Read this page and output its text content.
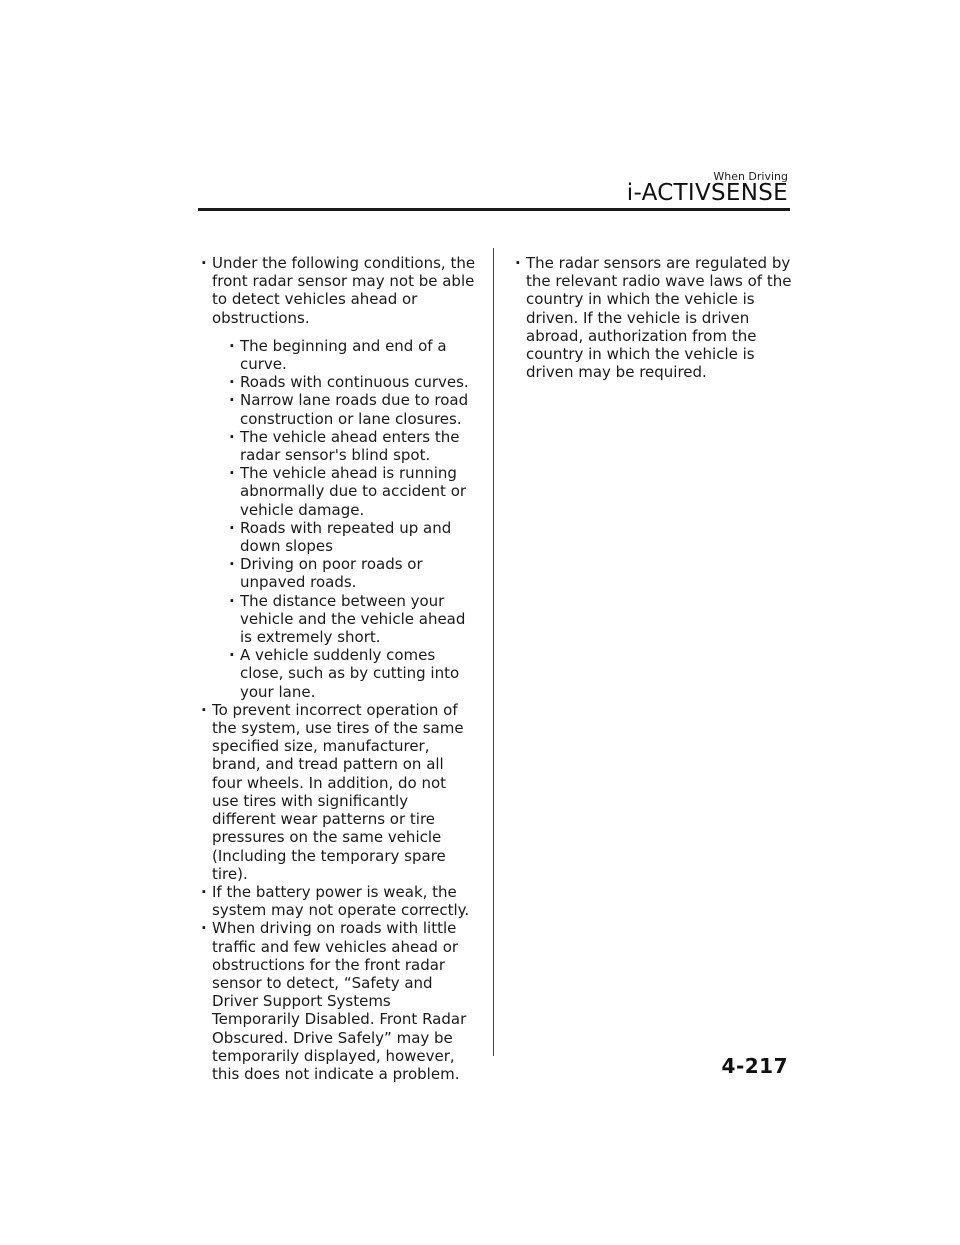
When Driving
i-ACTIVSENSE
· Under the following conditions, the front radar sensor may not be able to detect vehicles ahead or obstructions.
· The beginning and end of a curve.
· Roads with continuous curves.
· Narrow lane roads due to road construction or lane closures.
· The vehicle ahead enters the radar sensor's blind spot.
· The vehicle ahead is running abnormally due to accident or vehicle damage.
· Roads with repeated up and down slopes
· Driving on poor roads or unpaved roads.
· The distance between your vehicle and the vehicle ahead is extremely short.
· A vehicle suddenly comes close, such as by cutting into your lane.
· To prevent incorrect operation of the system, use tires of the same specified size, manufacturer, brand, and tread pattern on all four wheels. In addition, do not use tires with significantly different wear patterns or tire pressures on the same vehicle (Including the temporary spare tire).
· If the battery power is weak, the system may not operate correctly.
· When driving on roads with little traffic and few vehicles ahead or obstructions for the front radar sensor to detect, “Safety and Driver Support Systems Temporarily Disabled. Front Radar Obscured. Drive Safely” may be temporarily displayed, however, this does not indicate a problem.
· The radar sensors are regulated by the relevant radio wave laws of the country in which the vehicle is driven. If the vehicle is driven abroad, authorization from the country in which the vehicle is driven may be required.
4-217
